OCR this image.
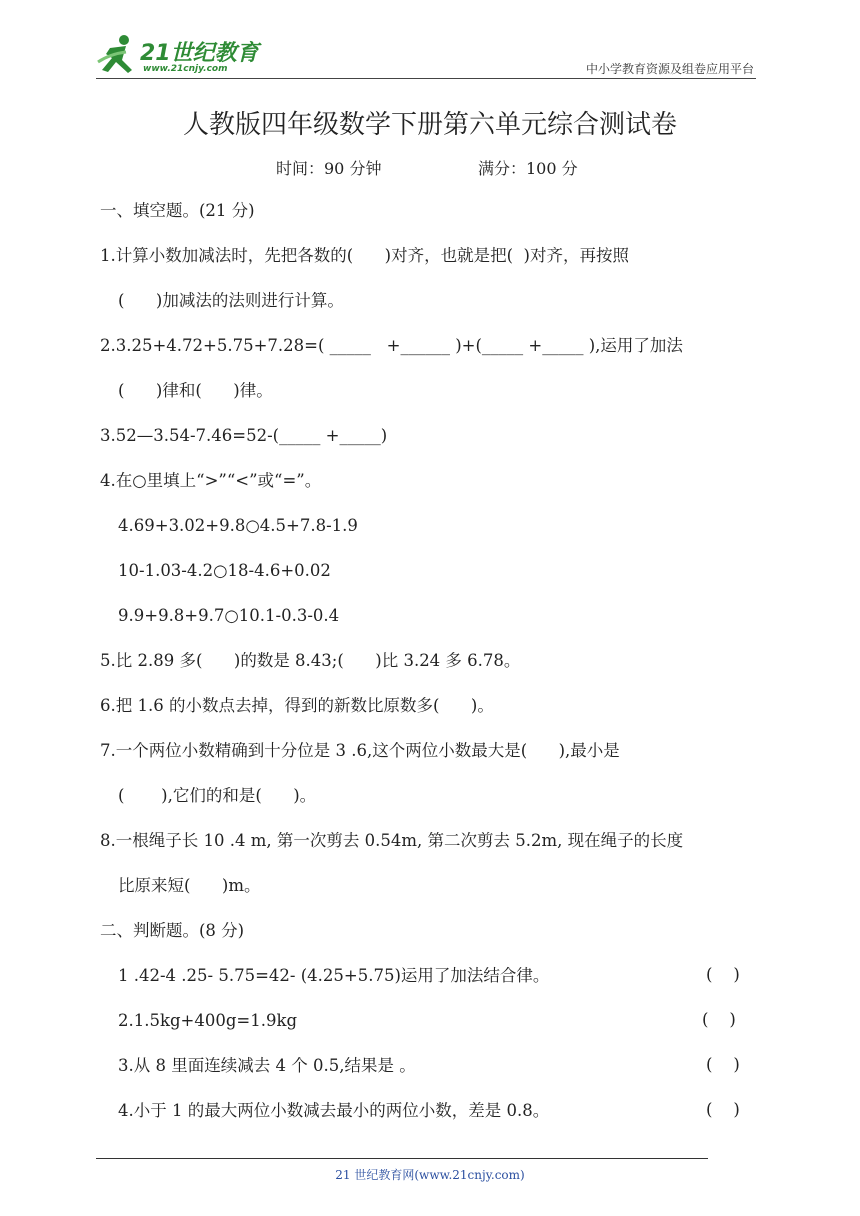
21世纪教育
www.21cnjy.com	中小学教育资源及组卷应用平台
人教版四年级数学下册第六单元综合测试卷
时间：90 分钟	满分：100 分
一、填空题。(21 分)
1.计算小数加减法时，先把各数的(      )对齐，也就是把(  )对齐，再按照
(      )加减法的法则进行计算。
2.3.25+4.72+5.75+7.28=( _____   +______ )+(_____ +_____ ),运用了加法
(      )律和(      )律。
3.52—3.54-7.46=52-(_____ +_____)
4.在○里填上“>”“<”或“=”。
4.69+3.02+9.8○4.5+7.8-1.9
10-1.03-4.2○18-4.6+0.02
9.9+9.8+9.7○10.1-0.3-0.4
5.比 2.89 多(      )的数是 8.43;(      )比 3.24 多 6.78。
6.把 1.6 的小数点去掉，得到的新数比原数多(      )。
7.一个两位小数精确到十分位是 3 .6,这个两位小数最大是(      ),最小是
(       ),它们的和是(      )。
8.一根绳子长 10 .4 m, 第一次剪去 0.54m, 第二次剪去 5.2m, 现在绳子的长度
比原来短(      )m。
二、判断题。(8 分)
1 .42-4 .25- 5.75=42- (4.25+5.75)运用了加法结合律。	(    )
2.1.5kg+400g=1.9kg	(    )
3.从 8 里面连续减去 4 个 0.5,结果是 。	(    )
4.小于 1 的最大两位小数减去最小的两位小数，差是 0.8。	(    )
21 世纪教育网(www.21cnjy.com)
